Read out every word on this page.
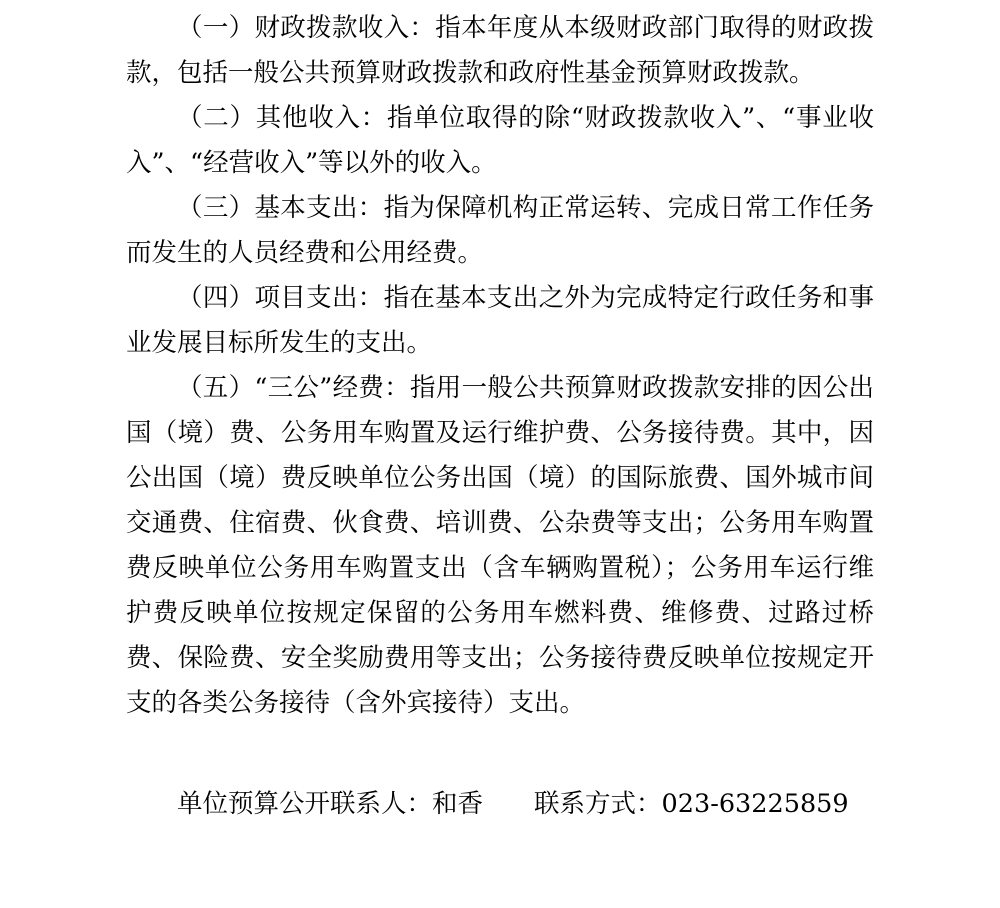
（一）财政拨款收入：指本年度从本级财政部门取得的财政拨款，包括一般公共预算财政拨款和政府性基金预算财政拨款。

（二）其他收入：指单位取得的除“财政拨款收入”、“事业收入”、“经营收入”等以外的收入。

（三）基本支出：指为保障机构正常运转、完成日常工作任务而发生的人员经费和公用经费。

（四）项目支出：指在基本支出之外为完成特定行政任务和事业发展目标所发生的支出。

（五）“三公”经费：指用一般公共预算财政拨款安排的因公出国（境）费、公务用车购置及运行维护费、公务接待费。其中，因公出国（境）费反映单位公务出国（境）的国际旅费、国外城市间交通费、住宿费、伙食费、培训费、公杂费等支出；公务用车购置费反映单位公务用车购置支出（含车辆购置税）；公务用车运行维护费反映单位按规定保留的公务用车燃料费、维修费、过路过桥费、保险费、安全奖励费用等支出；公务接待费反映单位按规定开支的各类公务接待（含外宾接待）支出。

单位预算公开联系人：和香 联系方式：023-63225859
